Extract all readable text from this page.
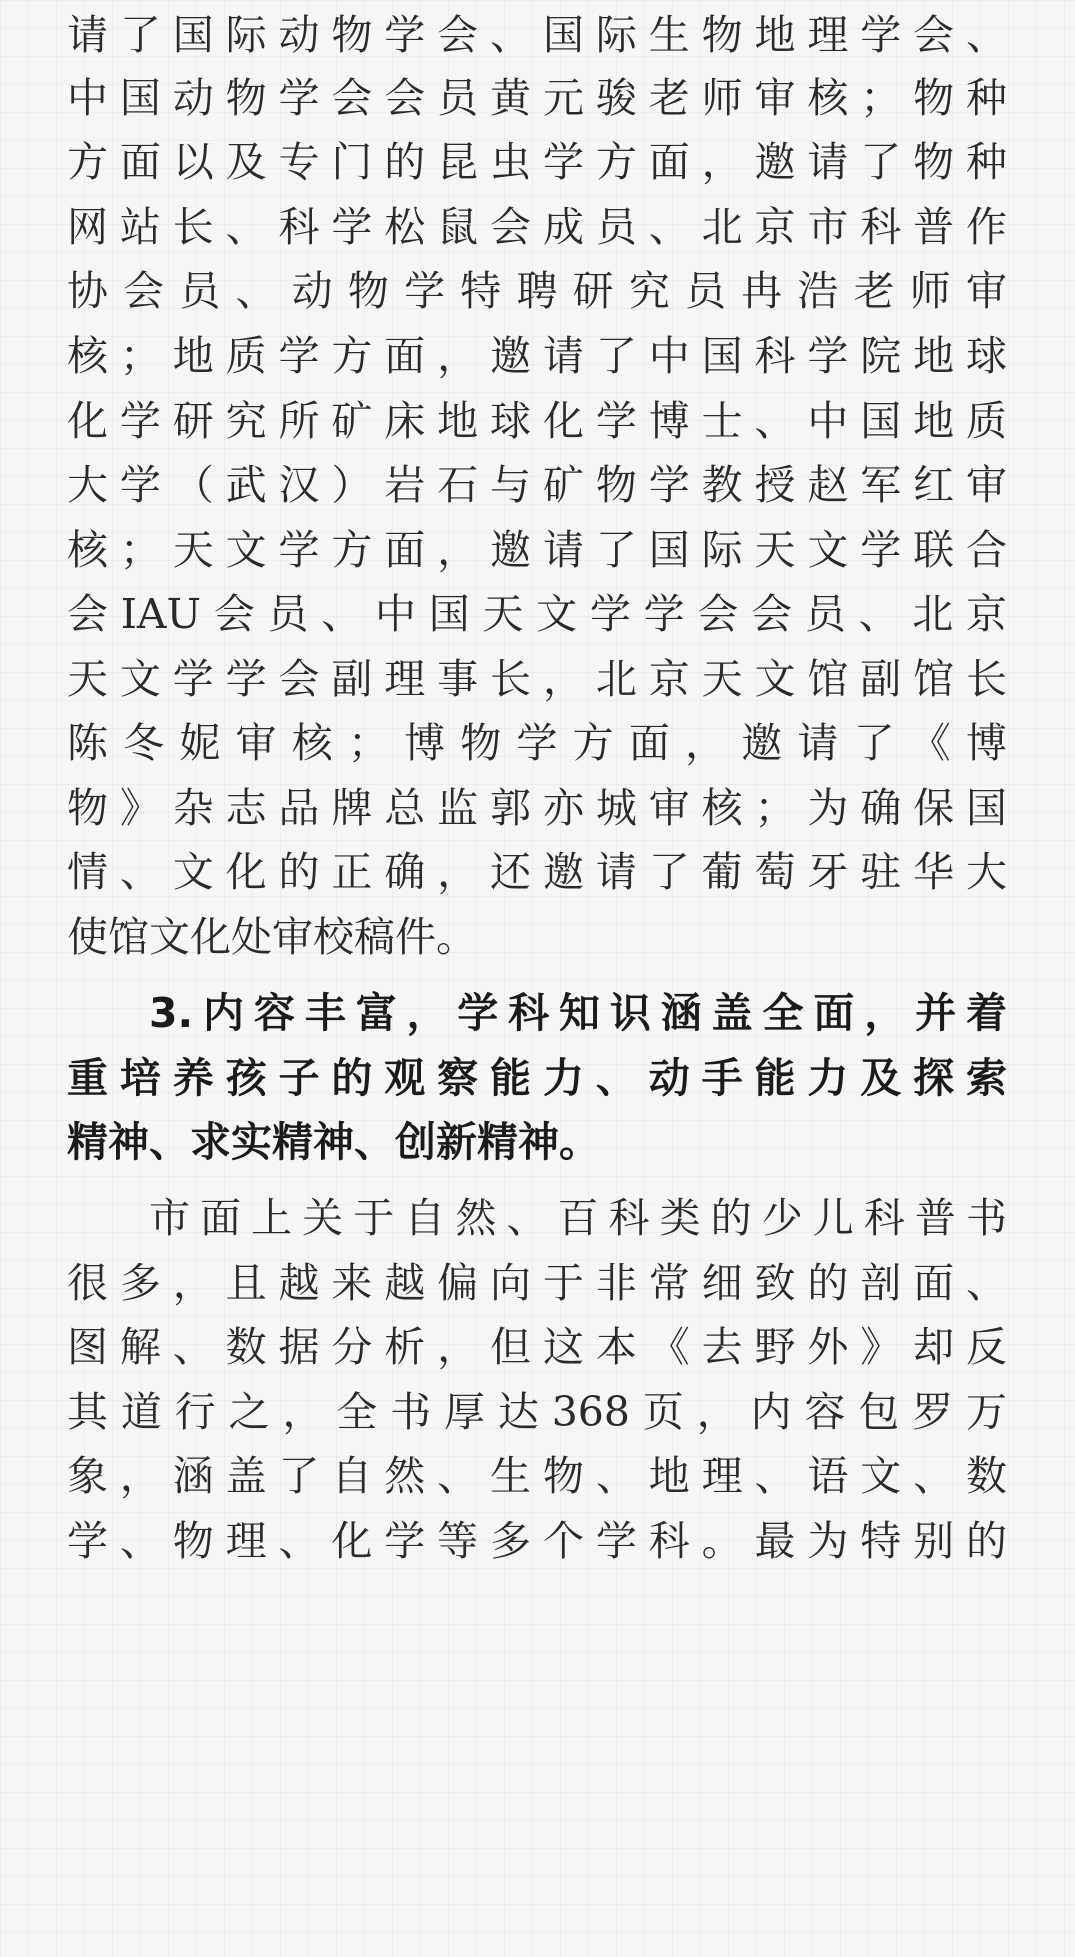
请了国际动物学会、国际生物地理学会、
中国动物学会会员黄元骏老师审核；物种
方面以及专门的昆虫学方面，邀请了物种
网站长、科学松鼠会成员、北京市科普作
协会员、动物学特聘研究员冉浩老师审
核；地质学方面，邀请了中国科学院地球
化学研究所矿床地球化学博士、中国地质
大学（武汉）岩石与矿物学教授赵军红审
核；天文学方面，邀请了国际天文学联合
会IAU会员、中国天文学学会会员、北京
天文学学会副理事长，北京天文馆副馆长
陈冬妮审核；博物学方面，邀请了《博
物》杂志品牌总监郭亦城审核；为确保国
情、文化的正确，还邀请了葡萄牙驻华大
使馆文化处审校稿件。
3.内容丰富，学科知识涵盖全面，并着
重培养孩子的观察能力、动手能力及探索
精神、求实精神、创新精神。
市面上关于自然、百科类的少儿科普书
很多，且越来越偏向于非常细致的剖面、
图解、数据分析，但这本《去野外》却反
其道行之，全书厚达368页，内容包罗万
象，涵盖了自然、生物、地理、语文、数
学、物理、化学等多个学科。最为特别的
